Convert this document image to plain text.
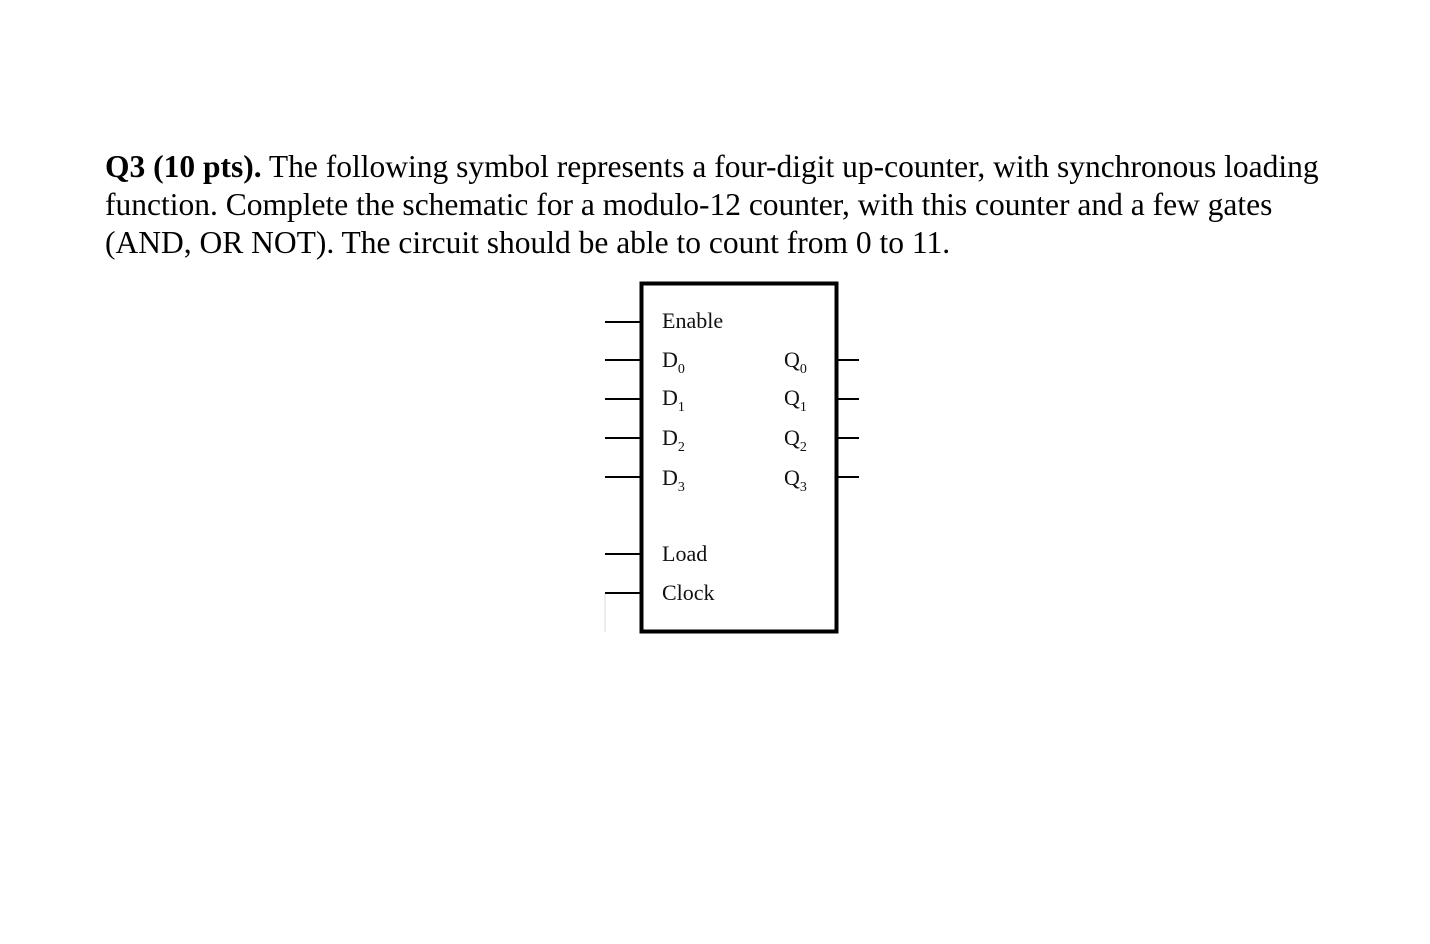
Q3 (10 pts). The following symbol represents a four-digit up-counter, with synchronous loading

function. Complete the schematic for a modulo-12 counter, with this counter and a few gates

(AND, OR NOT). The circuit should be able to count from 0 to 11.

Enable
$D_0$
$D_1$
$D_2$
$D_3$
$Q_0$
$Q_1$
$Q_2$
$Q_3$
Load
Clock
